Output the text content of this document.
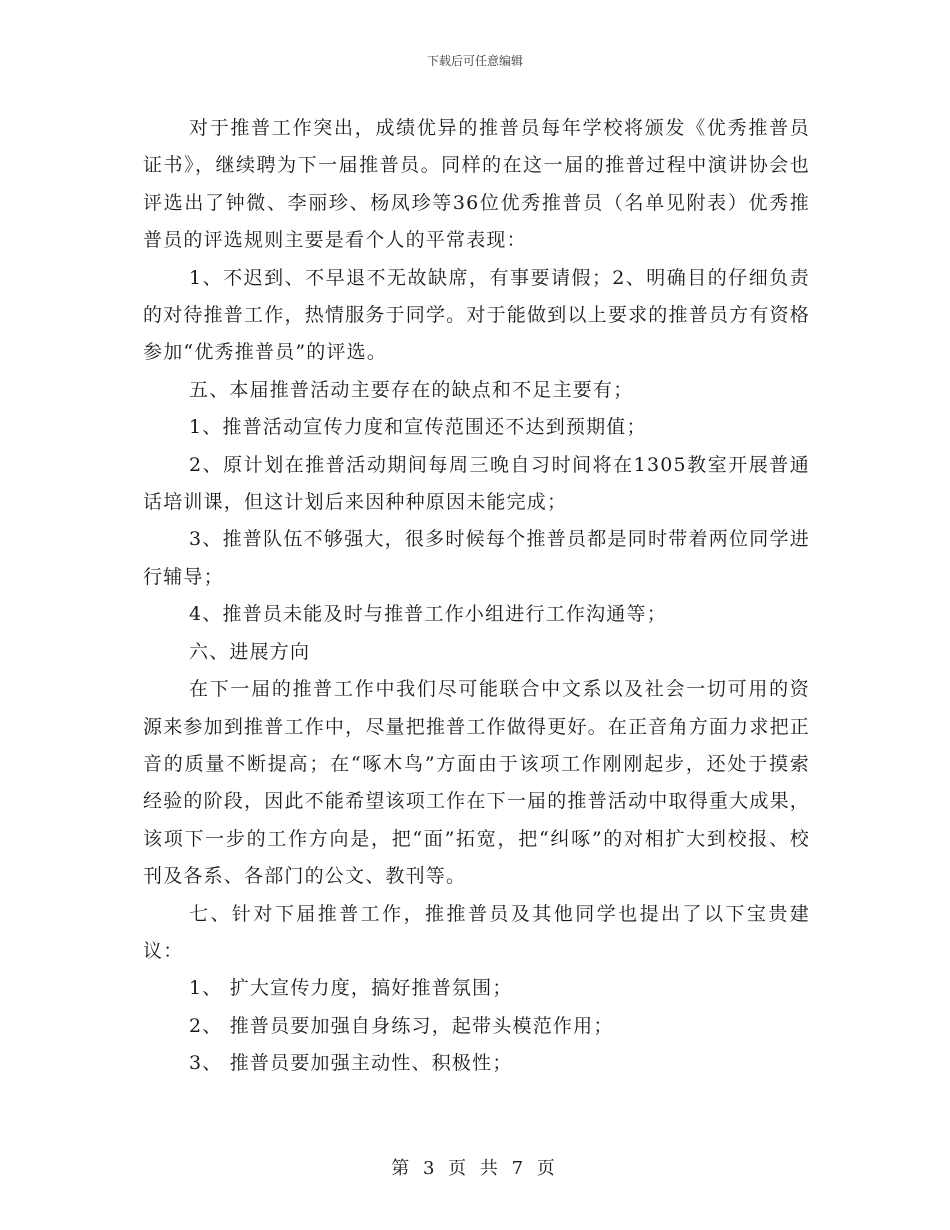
下载后可任意编辑

对于推普工作突出，成绩优异的推普员每年学校将颁发《优秀推普员证书》，继续聘为下一届推普员。同样的在这一届的推普过程中演讲协会也评选出了钟微、李丽珍、杨凤珍等36位优秀推普员（名单见附表）优秀推普员的评选规则主要是看个人的平常表现：

1、不迟到、不早退不无故缺席，有事要请假；2、明确目的仔细负责的对待推普工作，热情服务于同学。对于能做到以上要求的推普员方有资格参加“优秀推普员”的评选。

五、本届推普活动主要存在的缺点和不足主要有；

1、推普活动宣传力度和宣传范围还不达到预期值；

2、原计划在推普活动期间每周三晚自习时间将在1305教室开展普通话培训课，但这计划后来因种种原因未能完成；

3、推普队伍不够强大，很多时候每个推普员都是同时带着两位同学进行辅导；

4、推普员未能及时与推普工作小组进行工作沟通等；

六、进展方向

在下一届的推普工作中我们尽可能联合中文系以及社会一切可用的资源来参加到推普工作中，尽量把推普工作做得更好。在正音角方面力求把正音的质量不断提高；在“啄木鸟”方面由于该项工作刚刚起步，还处于摸索经验的阶段，因此不能希望该项工作在下一届的推普活动中取得重大成果，该项下一步的工作方向是，把“面”拓宽，把“纠啄”的对相扩大到校报、校刊及各系、各部门的公文、教刊等。

七、针对下届推普工作，推推普员及其他同学也提出了以下宝贵建议：

1、 扩大宣传力度，搞好推普氛围；

2、 推普员要加强自身练习，起带头模范作用；

3、 推普员要加强主动性、积极性；

第 3 页 共 7 页
